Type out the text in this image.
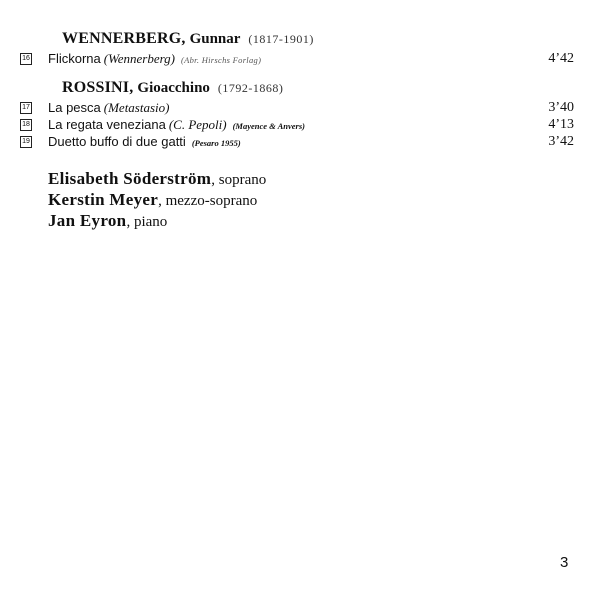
WENNERBERG, Gunnar (1817-1901)
16 Flickorna (Wennerberg) (Abr. Hirschs Forlag)	4’42
ROSSINI, Gioacchino (1792-1868)
17 La pesca (Metastasio)	3’40
18 La regata veneziana (C. Pepoli) (Mayence & Anvers)	4’13
19 Duetto buffo di due gatti (Pesaro 1955)	3’42
Elisabeth Söderström, soprano
Kerstin Meyer, mezzo-soprano
Jan Eyron, piano
3
